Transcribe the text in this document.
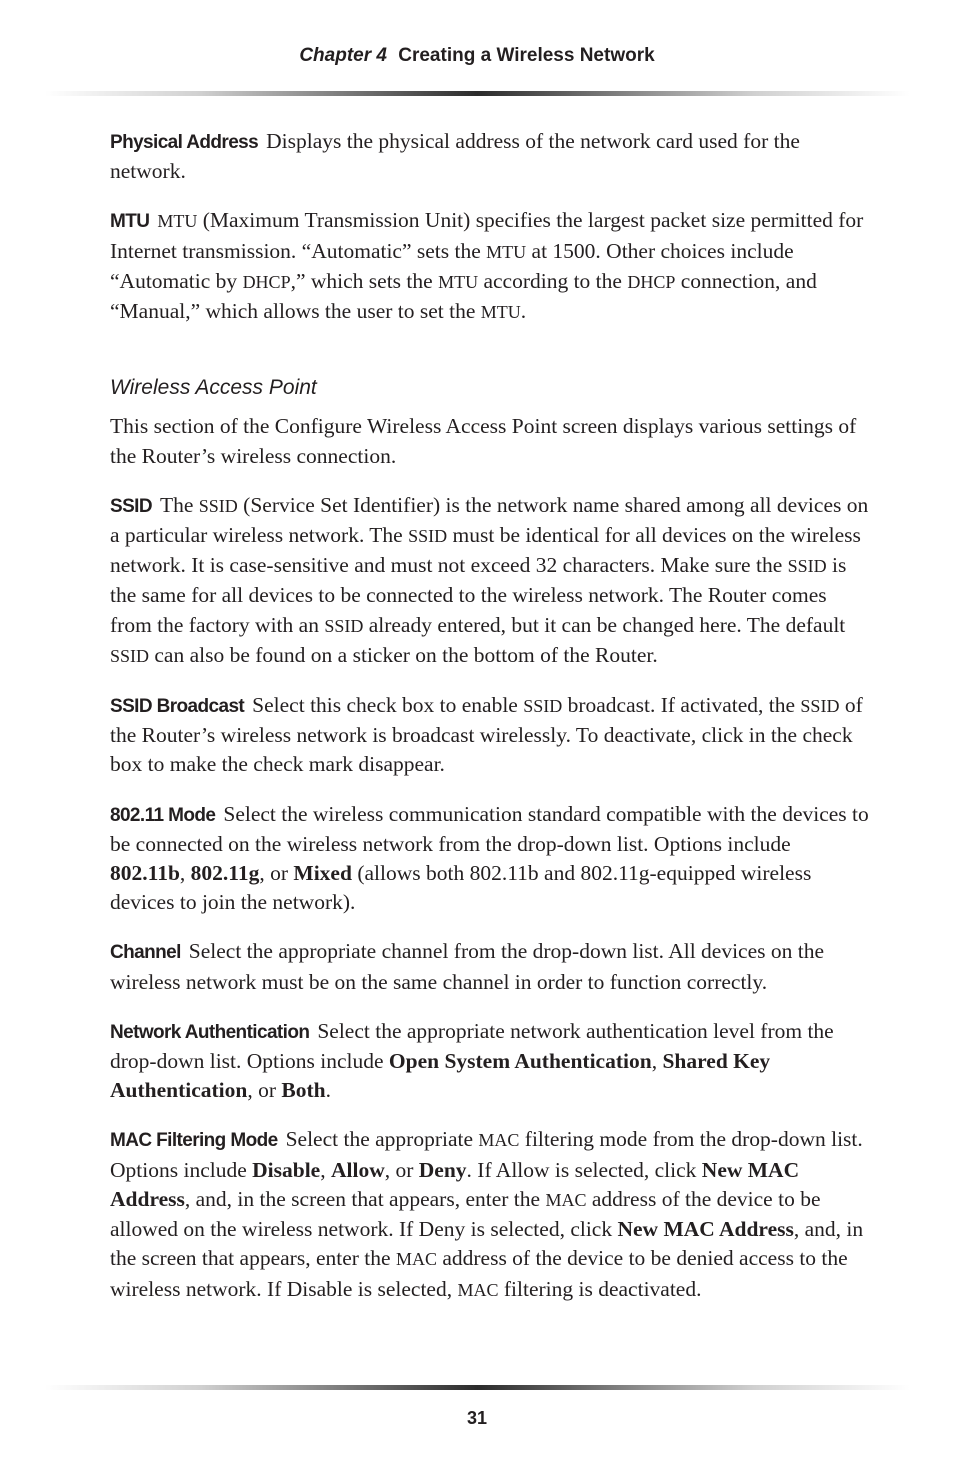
Chapter 4 Creating a Wireless Network

Physical Address Displays the physical address of the network card used for the network.

MTU MTU (Maximum Transmission Unit) specifies the largest packet size permitted for Internet transmission. “Automatic” sets the MTU at 1500. Other choices include “Automatic by DHCP,” which sets the MTU according to the DHCP connection, and “Manual,” which allows the user to set the MTU.

Wireless Access Point

This section of the Configure Wireless Access Point screen displays various settings of the Router’s wireless connection.

SSID The SSID (Service Set Identifier) is the network name shared among all devices on a particular wireless network. The SSID must be identical for all devices on the wireless network. It is case-sensitive and must not exceed 32 characters. Make sure the SSID is the same for all devices to be connected to the wireless network. The Router comes from the factory with an SSID already entered, but it can be changed here. The default SSID can also be found on a sticker on the bottom of the Router.

SSID Broadcast Select this check box to enable SSID broadcast. If activated, the SSID of the Router’s wireless network is broadcast wirelessly. To deactivate, click in the check box to make the check mark disappear.

802.11 Mode Select the wireless communication standard compatible with the devices to be connected on the wireless network from the drop-down list. Options include 802.11b, 802.11g, or Mixed (allows both 802.11b and 802.11g-equipped wireless devices to join the network).

Channel Select the appropriate channel from the drop-down list. All devices on the wireless network must be on the same channel in order to function correctly.

Network Authentication Select the appropriate network authentication level from the drop-down list. Options include Open System Authentication, Shared Key Authentication, or Both.

MAC Filtering Mode Select the appropriate MAC filtering mode from the drop-down list. Options include Disable, Allow, or Deny. If Allow is selected, click New MAC Address, and, in the screen that appears, enter the MAC address of the device to be allowed on the wireless network. If Deny is selected, click New MAC Address, and, in the screen that appears, enter the MAC address of the device to be denied access to the wireless network. If Disable is selected, MAC filtering is deactivated.

31
